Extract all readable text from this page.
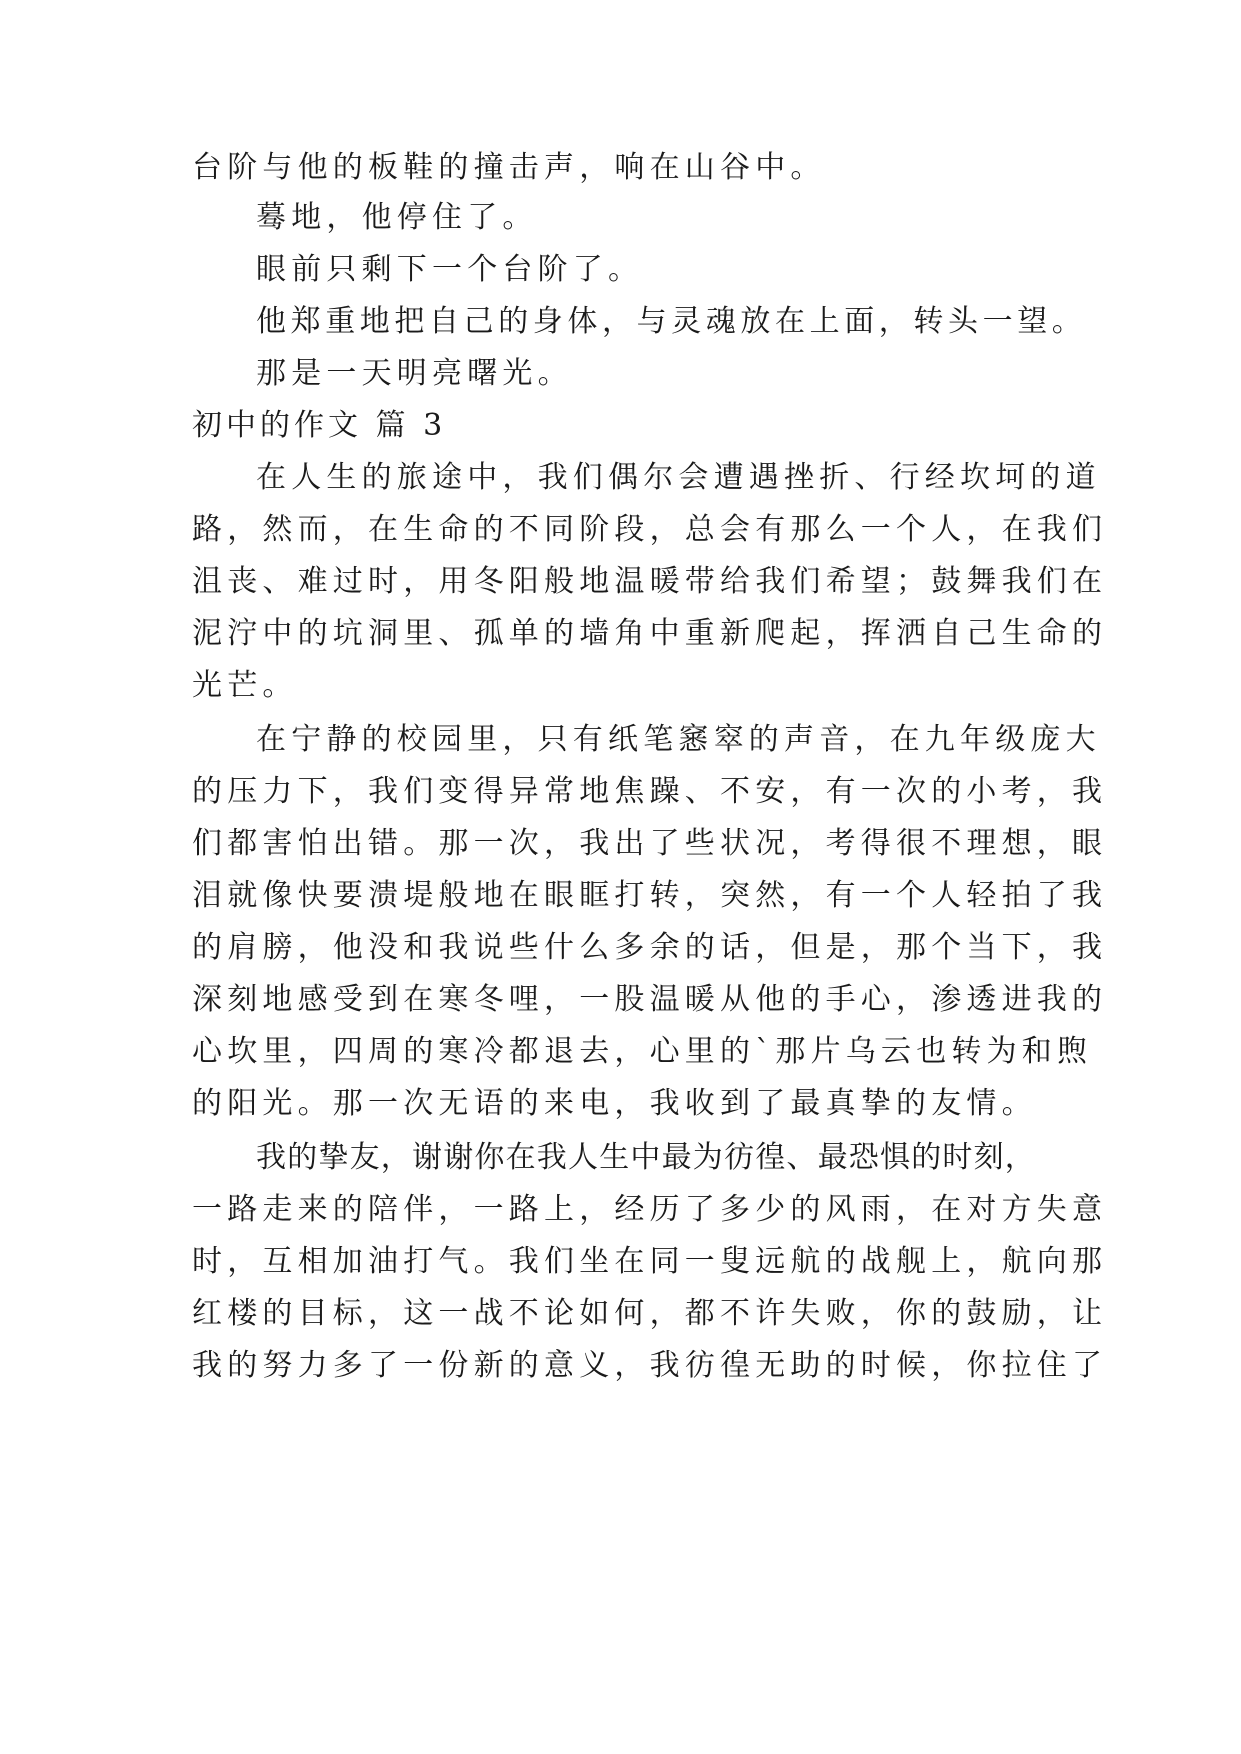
台阶与他的板鞋的撞击声，响在山谷中。
蓦地，他停住了。
眼前只剩下一个台阶了。
他郑重地把自己的身体，与灵魂放在上面，转头一望。
那是一天明亮曙光。
初中的作文 篇 3
在人生的旅途中，我们偶尔会遭遇挫折、行经坎坷的道
路，然而，在生命的不同阶段，总会有那么一个人，在我们
沮丧、难过时，用冬阳般地温暖带给我们希望；鼓舞我们在
泥泞中的坑洞里、孤单的墙角中重新爬起，挥洒自己生命的
光芒。
在宁静的校园里，只有纸笔窸窣的声音，在九年级庞大
的压力下，我们变得异常地焦躁、不安，有一次的小考，我
们都害怕出错。那一次，我出了些状况，考得很不理想，眼
泪就像快要溃堤般地在眼眶打转，突然，有一个人轻拍了我
的肩膀，他没和我说些什么多余的话，但是，那个当下，我
深刻地感受到在寒冬哩，一股温暖从他的手心，渗透进我的
心坎里，四周的寒冷都退去，心里的`那片乌云也转为和煦
的阳光。那一次无语的来电，我收到了最真挚的友情。
我的挚友，谢谢你在我人生中最为彷徨、最恐惧的时刻，
一路走来的陪伴，一路上，经历了多少的风雨，在对方失意
时，互相加油打气。我们坐在同一叟远航的战舰上，航向那
红楼的目标，这一战不论如何，都不许失败，你的鼓励，让
我的努力多了一份新的意义，我彷徨无助的时候，你拉住了
